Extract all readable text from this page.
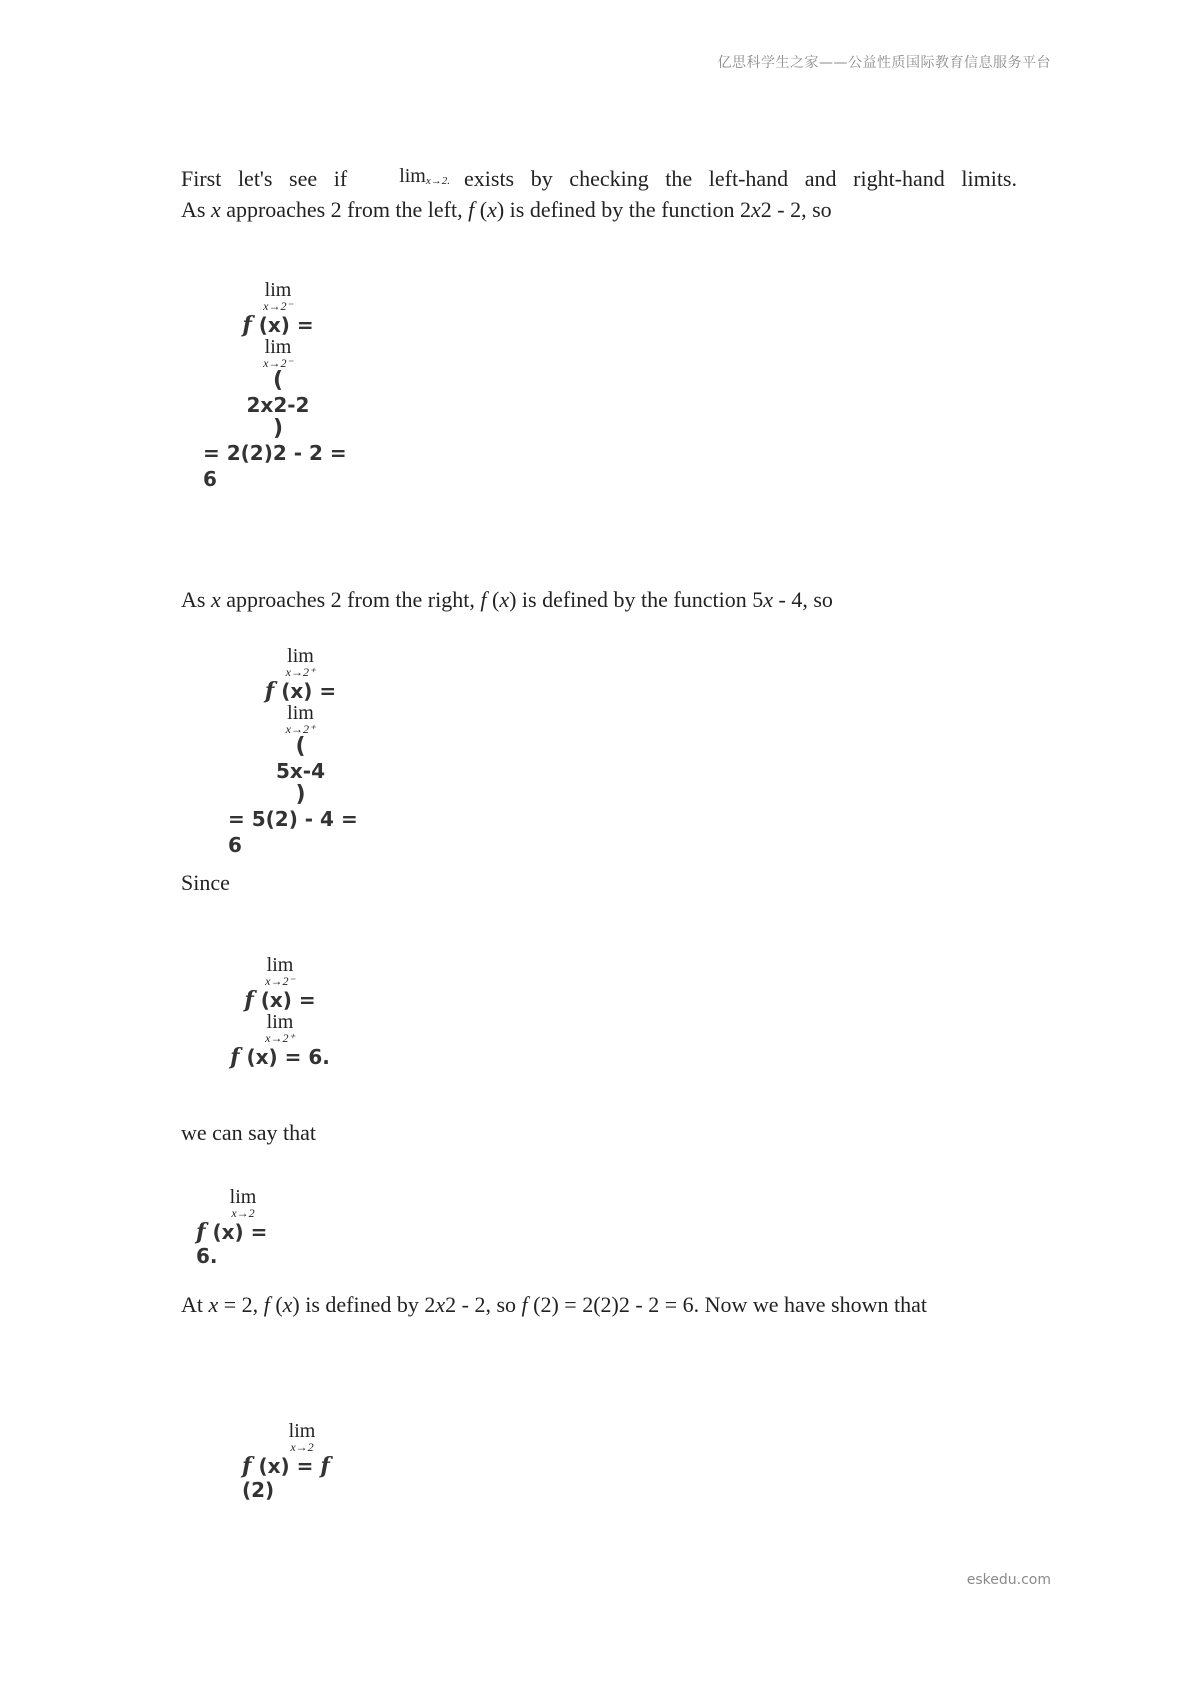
亿思科学生之家——公益性质国际教育信息服务平台
First let's see if	$\lim_{x\to 2.}$ exists by checking the left-hand and right-hand limits.
As x approaches 2 from the left, f (x) is defined by the function 2x2 - 2, so
lim
x→2⁻
f (x) =
lim
x→2⁻
(
2x2-2
)
= 2(2)2 - 2 = 6
As x approaches 2 from the right, f (x) is defined by the function 5x - 4, so
lim
x→2⁺
f (x) =
lim
x→2⁺
(
5x-4
)
= 5(2) - 4 = 6
Since
lim
x→2⁻
f (x) =
lim
x→2⁺
f (x) = 6.
we can say that
lim
x→2
f (x) = 6.
At x = 2, f (x) is defined by 2x2 - 2, so f (2) = 2(2)2 - 2 = 6. Now we have shown that
lim
x→2
f (x) = f (2)
eskedu.com
